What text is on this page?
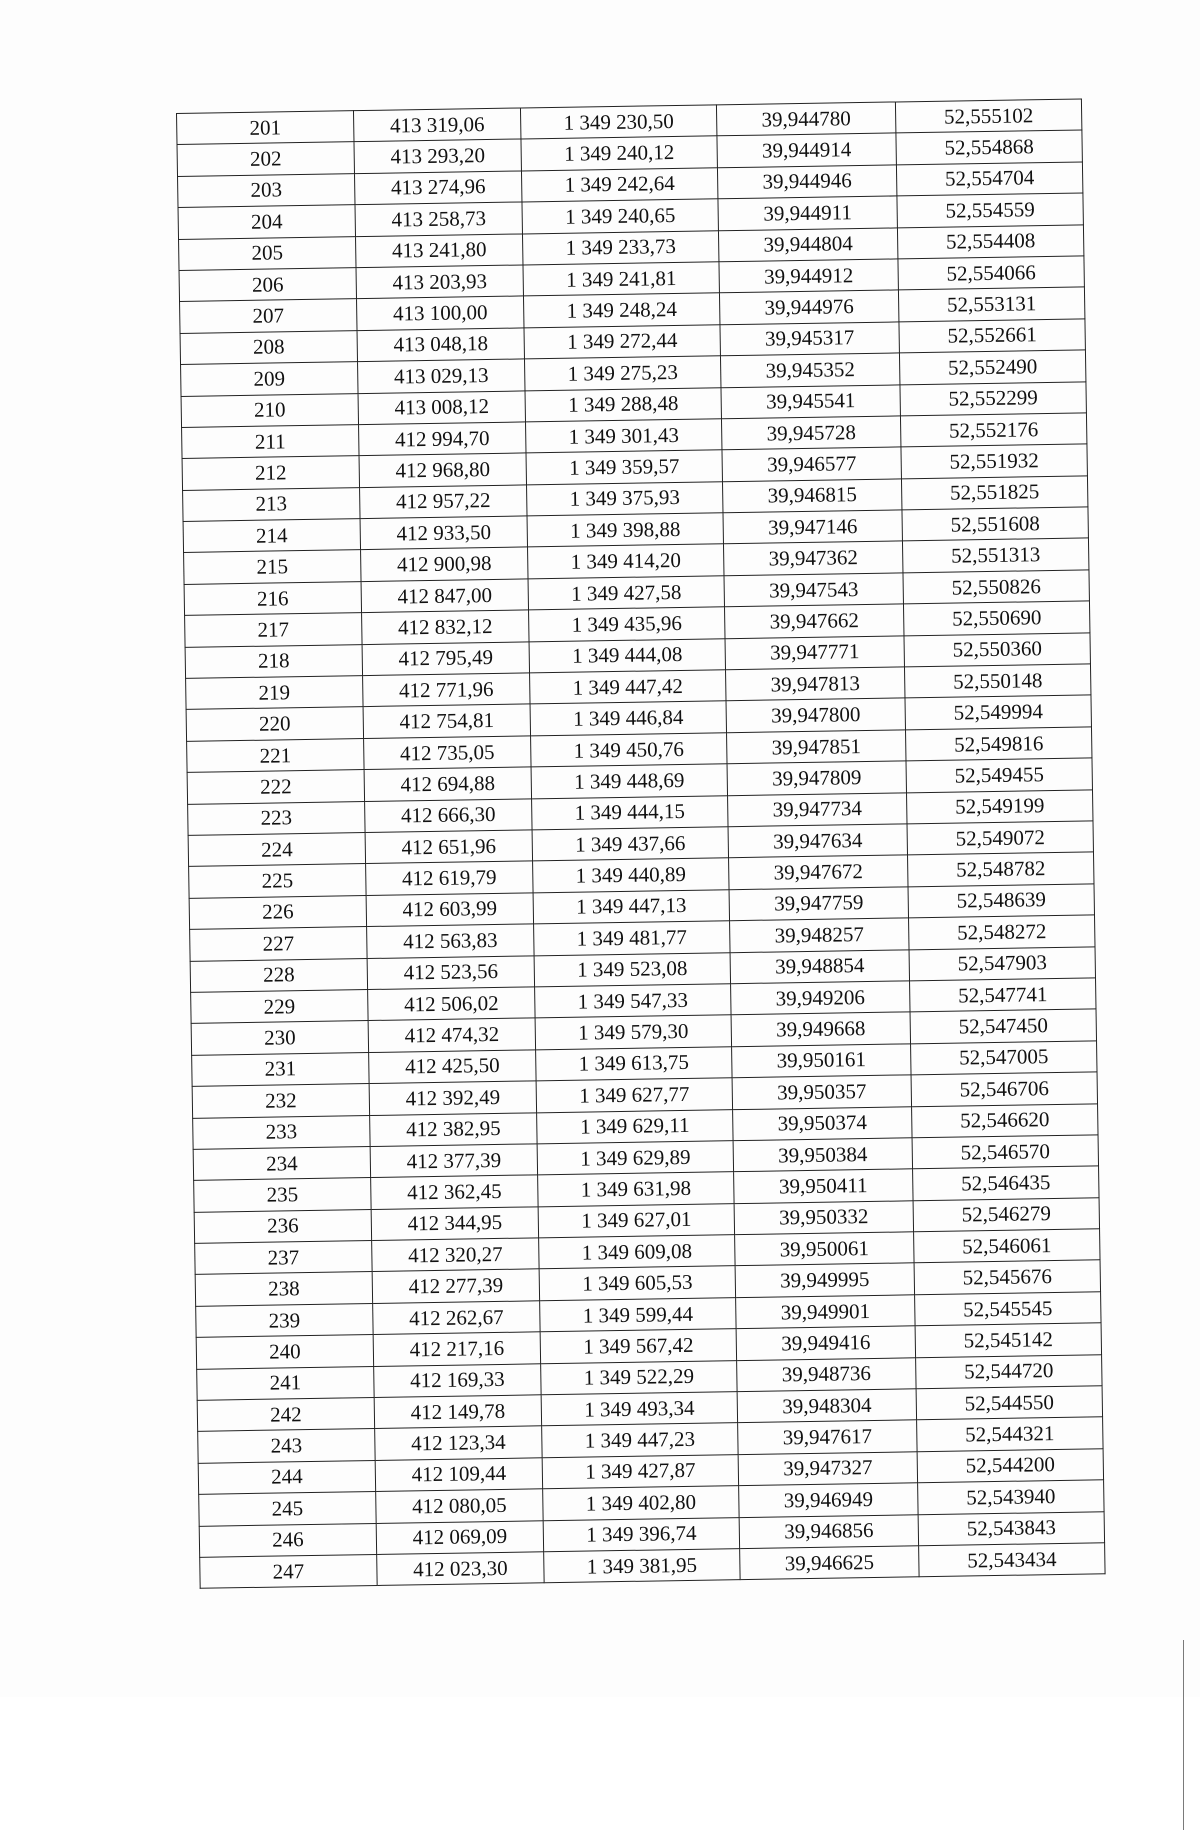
201	413 319,06	1 349 230,50	39,944780	52,555102
202	413 293,20	1 349 240,12	39,944914	52,554868
203	413 274,96	1 349 242,64	39,944946	52,554704
204	413 258,73	1 349 240,65	39,944911	52,554559
205	413 241,80	1 349 233,73	39,944804	52,554408
206	413 203,93	1 349 241,81	39,944912	52,554066
207	413 100,00	1 349 248,24	39,944976	52,553131
208	413 048,18	1 349 272,44	39,945317	52,552661
209	413 029,13	1 349 275,23	39,945352	52,552490
210	413 008,12	1 349 288,48	39,945541	52,552299
211	412 994,70	1 349 301,43	39,945728	52,552176
212	412 968,80	1 349 359,57	39,946577	52,551932
213	412 957,22	1 349 375,93	39,946815	52,551825
214	412 933,50	1 349 398,88	39,947146	52,551608
215	412 900,98	1 349 414,20	39,947362	52,551313
216	412 847,00	1 349 427,58	39,947543	52,550826
217	412 832,12	1 349 435,96	39,947662	52,550690
218	412 795,49	1 349 444,08	39,947771	52,550360
219	412 771,96	1 349 447,42	39,947813	52,550148
220	412 754,81	1 349 446,84	39,947800	52,549994
221	412 735,05	1 349 450,76	39,947851	52,549816
222	412 694,88	1 349 448,69	39,947809	52,549455
223	412 666,30	1 349 444,15	39,947734	52,549199
224	412 651,96	1 349 437,66	39,947634	52,549072
225	412 619,79	1 349 440,89	39,947672	52,548782
226	412 603,99	1 349 447,13	39,947759	52,548639
227	412 563,83	1 349 481,77	39,948257	52,548272
228	412 523,56	1 349 523,08	39,948854	52,547903
229	412 506,02	1 349 547,33	39,949206	52,547741
230	412 474,32	1 349 579,30	39,949668	52,547450
231	412 425,50	1 349 613,75	39,950161	52,547005
232	412 392,49	1 349 627,77	39,950357	52,546706
233	412 382,95	1 349 629,11	39,950374	52,546620
234	412 377,39	1 349 629,89	39,950384	52,546570
235	412 362,45	1 349 631,98	39,950411	52,546435
236	412 344,95	1 349 627,01	39,950332	52,546279
237	412 320,27	1 349 609,08	39,950061	52,546061
238	412 277,39	1 349 605,53	39,949995	52,545676
239	412 262,67	1 349 599,44	39,949901	52,545545
240	412 217,16	1 349 567,42	39,949416	52,545142
241	412 169,33	1 349 522,29	39,948736	52,544720
242	412 149,78	1 349 493,34	39,948304	52,544550
243	412 123,34	1 349 447,23	39,947617	52,544321
244	412 109,44	1 349 427,87	39,947327	52,544200
245	412 080,05	1 349 402,80	39,946949	52,543940
246	412 069,09	1 349 396,74	39,946856	52,543843
247	412 023,30	1 349 381,95	39,946625	52,543434
